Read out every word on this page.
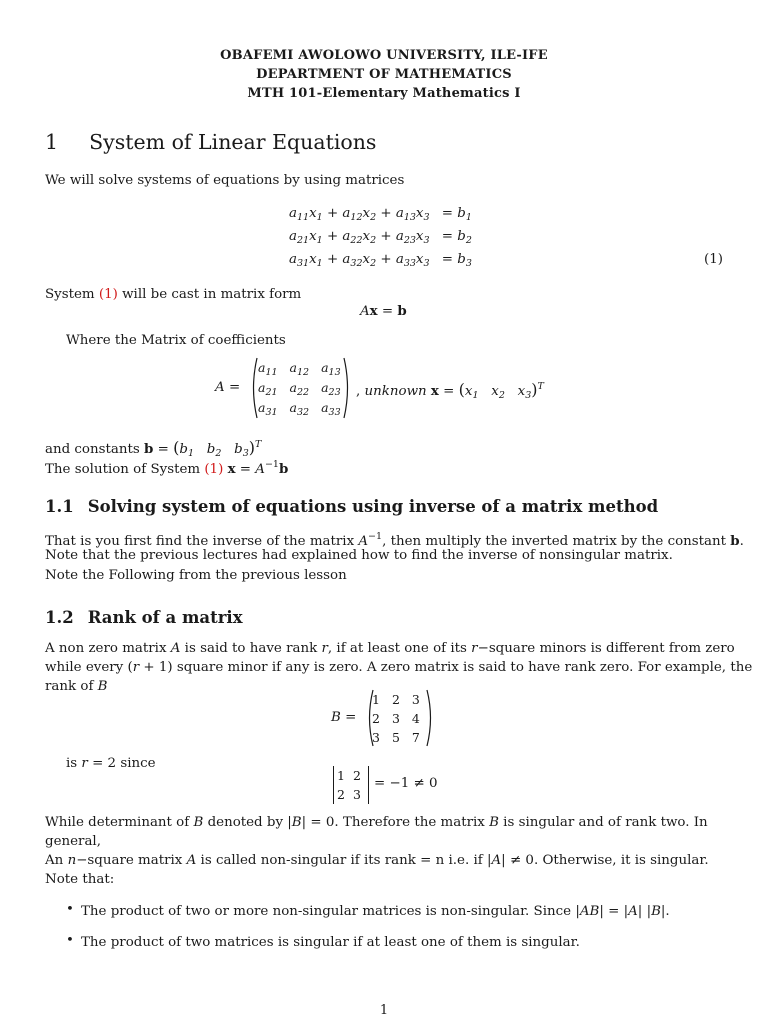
OBAFEMI AWOLOWO UNIVERSITY, ILE-IFE
DEPARTMENT OF MATHEMATICS
MTH 101-Elementary Mathematics I
1 System of Linear Equations
We will solve systems of equations by using matrices
$a_{11}x_1 + a_{12}x_2 + a_{13}x_3 = b_1$
$a_{21}x_1 + a_{22}x_2 + a_{23}x_3 = b_2$
$a_{31}x_1 + a_{32}x_2 + a_{33}x_3 = b_3$	(1)
System (1) will be cast in matrix form
Ax = b
Where the Matrix of coefficients
A =
$a_{11}$	$a_{12}$	$a_{13}$
$a_{21}$	$a_{22}$	$a_{23}$
$a_{31}$	$a_{32}$	$a_{33}$
, unknown $x = (x_1$   $x_2$   $x_3)^T$
and constants $b = (b_1$   $b_2$   $b_3)^T$
The solution of System (1) $x = A^{-1}b$
1.1 Solving system of equations using inverse of a matrix method
That is you first find the inverse of the matrix $A^{-1}$, then multiply the inverted matrix by the constant b.
Note that the previous lectures had explained how to find the inverse of nonsingular matrix.
Note the Following from the previous lesson
1.2 Rank of a matrix
A non zero matrix A is said to have rank r, if at least one of its r−square minors is different from zero
while every (r + 1) square minor if any is zero. A zero matrix is said to have rank zero. For example, the
rank of B
B =
1	2	3
2	3	4
3	5	7
is r = 2 since
1	2
2	3
= −1 ≠ 0
While determinant of B denoted by |B| = 0. Therefore the matrix B is singular and of rank two. In
general,
An n−square matrix A is called non-singular if its rank = n i.e. if |A| ≠ 0. Otherwise, it is singular.
Note that:
• The product of two or more non-singular matrices is non-singular. Since |AB| = |A| |B|.
• The product of two matrices is singular if at least one of them is singular.
1
